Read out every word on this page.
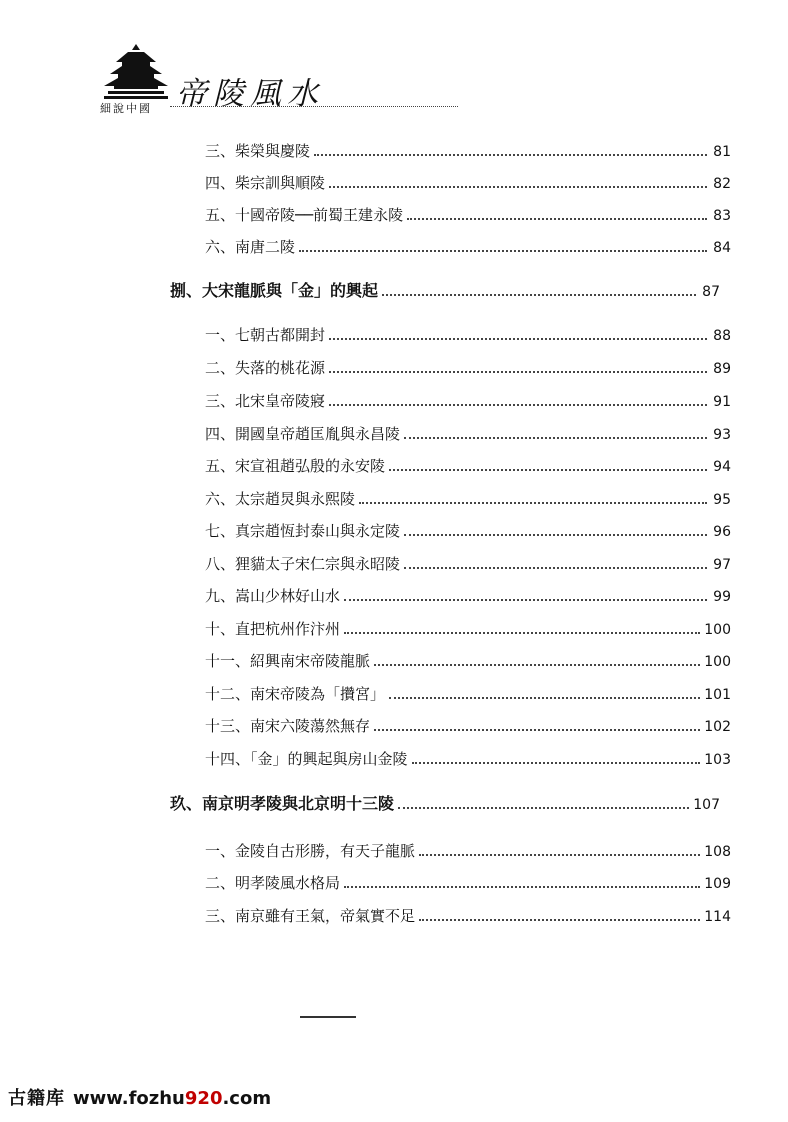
細說中國 帝陵風水
三、柴榮與慶陵	81
四、柴宗訓與順陵	82
五、十國帝陵──前蜀王建永陵	83
六、南唐二陵	84
捌、大宋龍脈與「金」的興起	87
一、七朝古都開封	88
二、失落的桃花源	89
三、北宋皇帝陵寢	91
四、開國皇帝趙匡胤與永昌陵	93
五、宋宣祖趙弘殷的永安陵	94
六、太宗趙炅與永熙陵	95
七、真宗趙恆封泰山與永定陵	96
八、狸貓太子宋仁宗與永昭陵	97
九、嵩山少林好山水	99
十、直把杭州作汴州	100
十一、紹興南宋帝陵龍脈	100
十二、南宋帝陵為「攢宮」	101
十三、南宋六陵蕩然無存	102
十四、「金」的興起與房山金陵	103
玖、南京明孝陵與北京明十三陵	107
一、金陵自古形勝，有天子龍脈	108
二、明孝陵風水格局	109
三、南京雖有王氣，帝氣實不足	114
古籍库 www.fozhu920.com
